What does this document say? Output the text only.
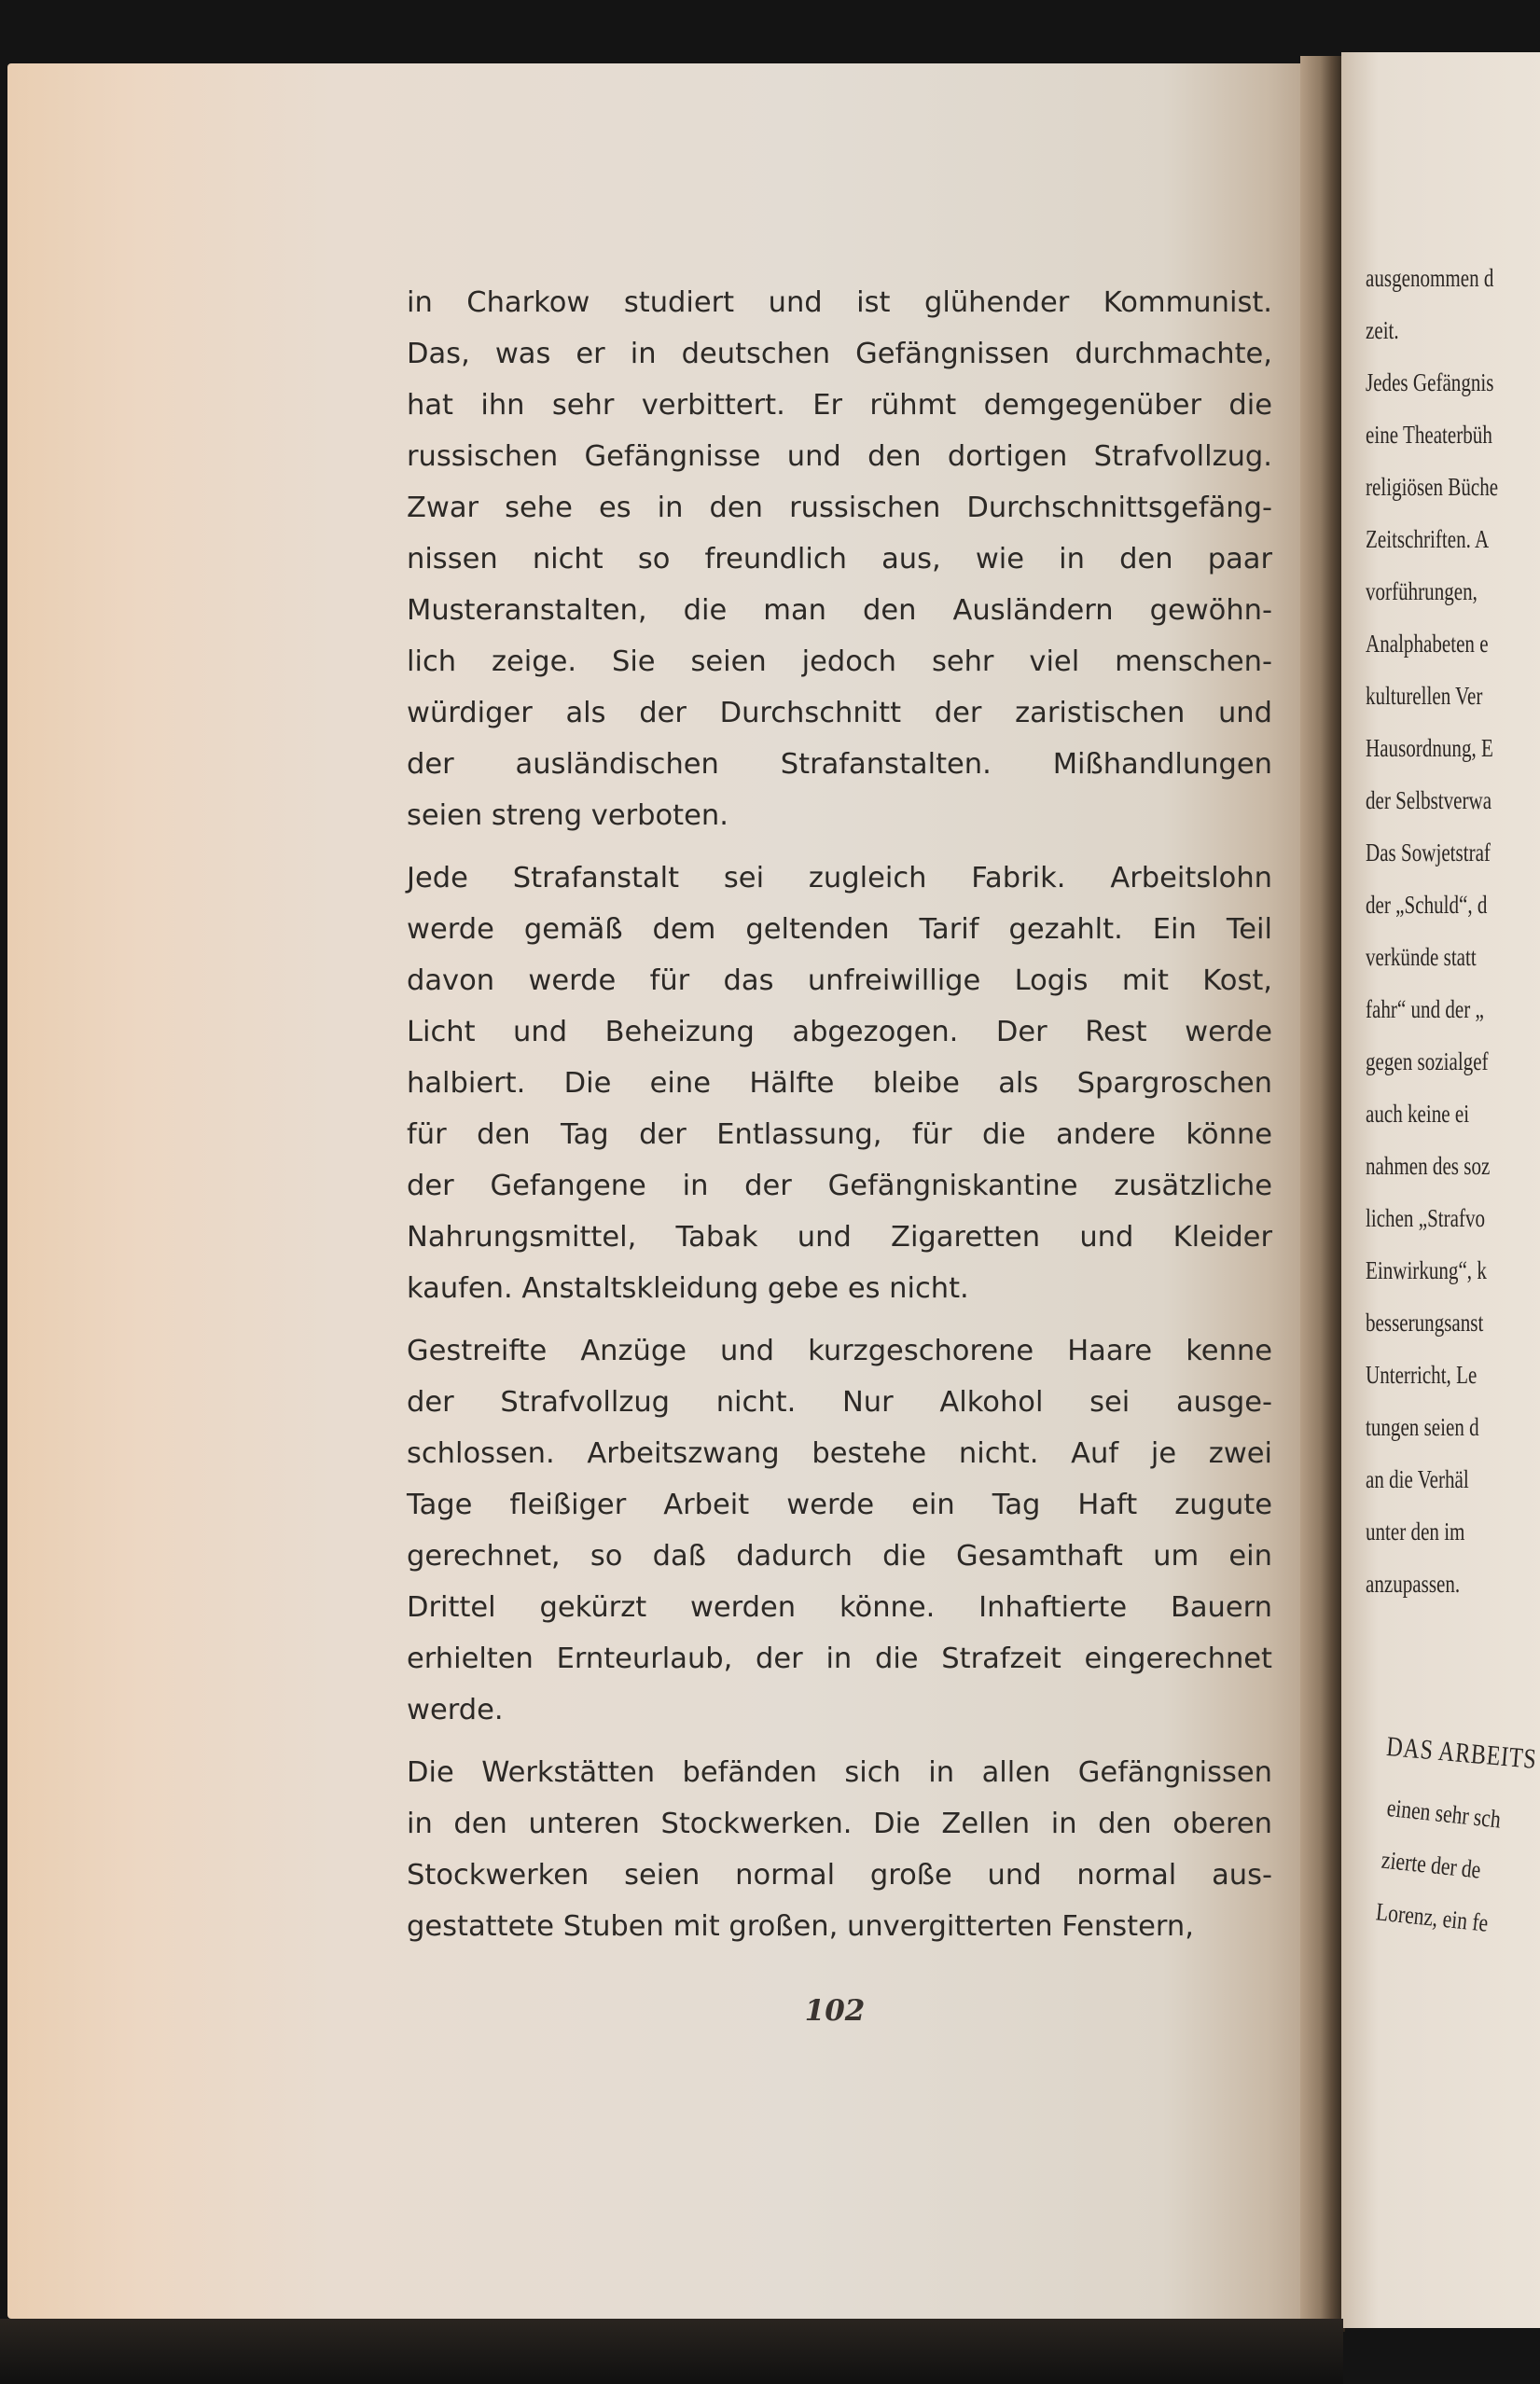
in Charkow studiert und ist glühender Kommunist.
Das, was er in deutschen Gefängnissen durchmachte,
hat ihn sehr verbittert. Er rühmt demgegenüber die
russischen Gefängnisse und den dortigen Strafvollzug.
Zwar sehe es in den russischen Durchschnittsgefäng-
nissen nicht so freundlich aus, wie in den paar
Musteranstalten, die man den Ausländern gewöhn-
lich zeige. Sie seien jedoch sehr viel menschen-
würdiger als der Durchschnitt der zaristischen und
der ausländischen Strafanstalten. Mißhandlungen
seien streng verboten.
Jede Strafanstalt sei zugleich Fabrik. Arbeitslohn
werde gemäß dem geltenden Tarif gezahlt. Ein Teil
davon werde für das unfreiwillige Logis mit Kost,
Licht und Beheizung abgezogen. Der Rest werde
halbiert. Die eine Hälfte bleibe als Spargroschen
für den Tag der Entlassung, für die andere könne
der Gefangene in der Gefängniskantine zusätzliche
Nahrungsmittel, Tabak und Zigaretten und Kleider
kaufen. Anstaltskleidung gebe es nicht.
Gestreifte Anzüge und kurzgeschorene Haare kenne
der Strafvollzug nicht. Nur Alkohol sei ausge-
schlossen. Arbeitszwang bestehe nicht. Auf je zwei
Tage fleißiger Arbeit werde ein Tag Haft zugute
gerechnet, so daß dadurch die Gesamthaft um ein
Drittel gekürzt werden könne. Inhaftierte Bauern
erhielten Ernteurlaub, der in die Strafzeit eingerechnet
werde.
Die Werkstätten befänden sich in allen Gefängnissen
in den unteren Stockwerken. Die Zellen in den oberen
Stockwerken seien normal große und normal aus-
gestattete Stuben mit großen, unvergitterten Fenstern,
102
ausgenommen d
zeit.
Jedes Gefängnis
eine Theaterbüh
religiösen Büche
Zeitschriften. A
vorführungen,
Analphabeten e
kulturellen Ver
Hausordnung, E
der Selbstverwa
Das Sowjetstraf
der „Schuld“, d
verkünde statt
fahr“ und der „
gegen sozialgef
auch keine ei
nahmen des soz
lichen „Strafvo
Einwirkung“, k
besserungsanst
Unterricht, Le
tungen seien d
an die Verhäl
unter den im
anzupassen.
DAS ARBEITS
einen sehr sch
zierte der de
Lorenz, ein fe
